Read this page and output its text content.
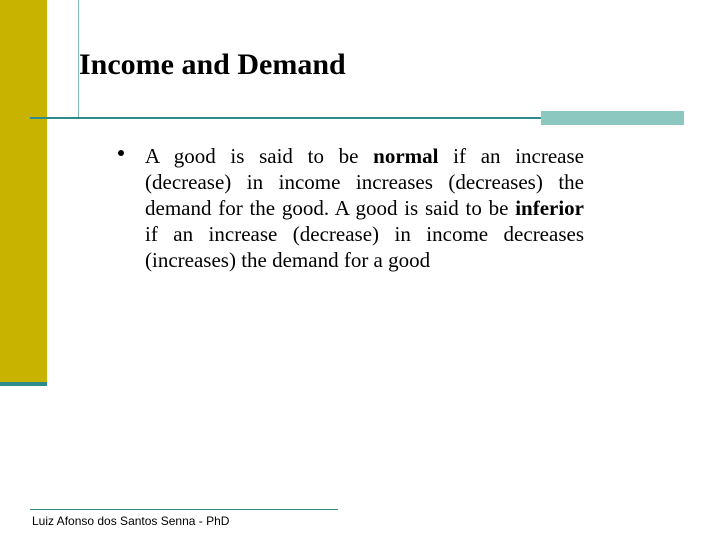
Income and Demand

A good is said to be normal if an increase (decrease) in income increases (decreases) the demand for the good. A good is said to be inferior if an increase (decrease) in income decreases (increases) the demand for a good

Luiz Afonso dos Santos Senna - PhD
